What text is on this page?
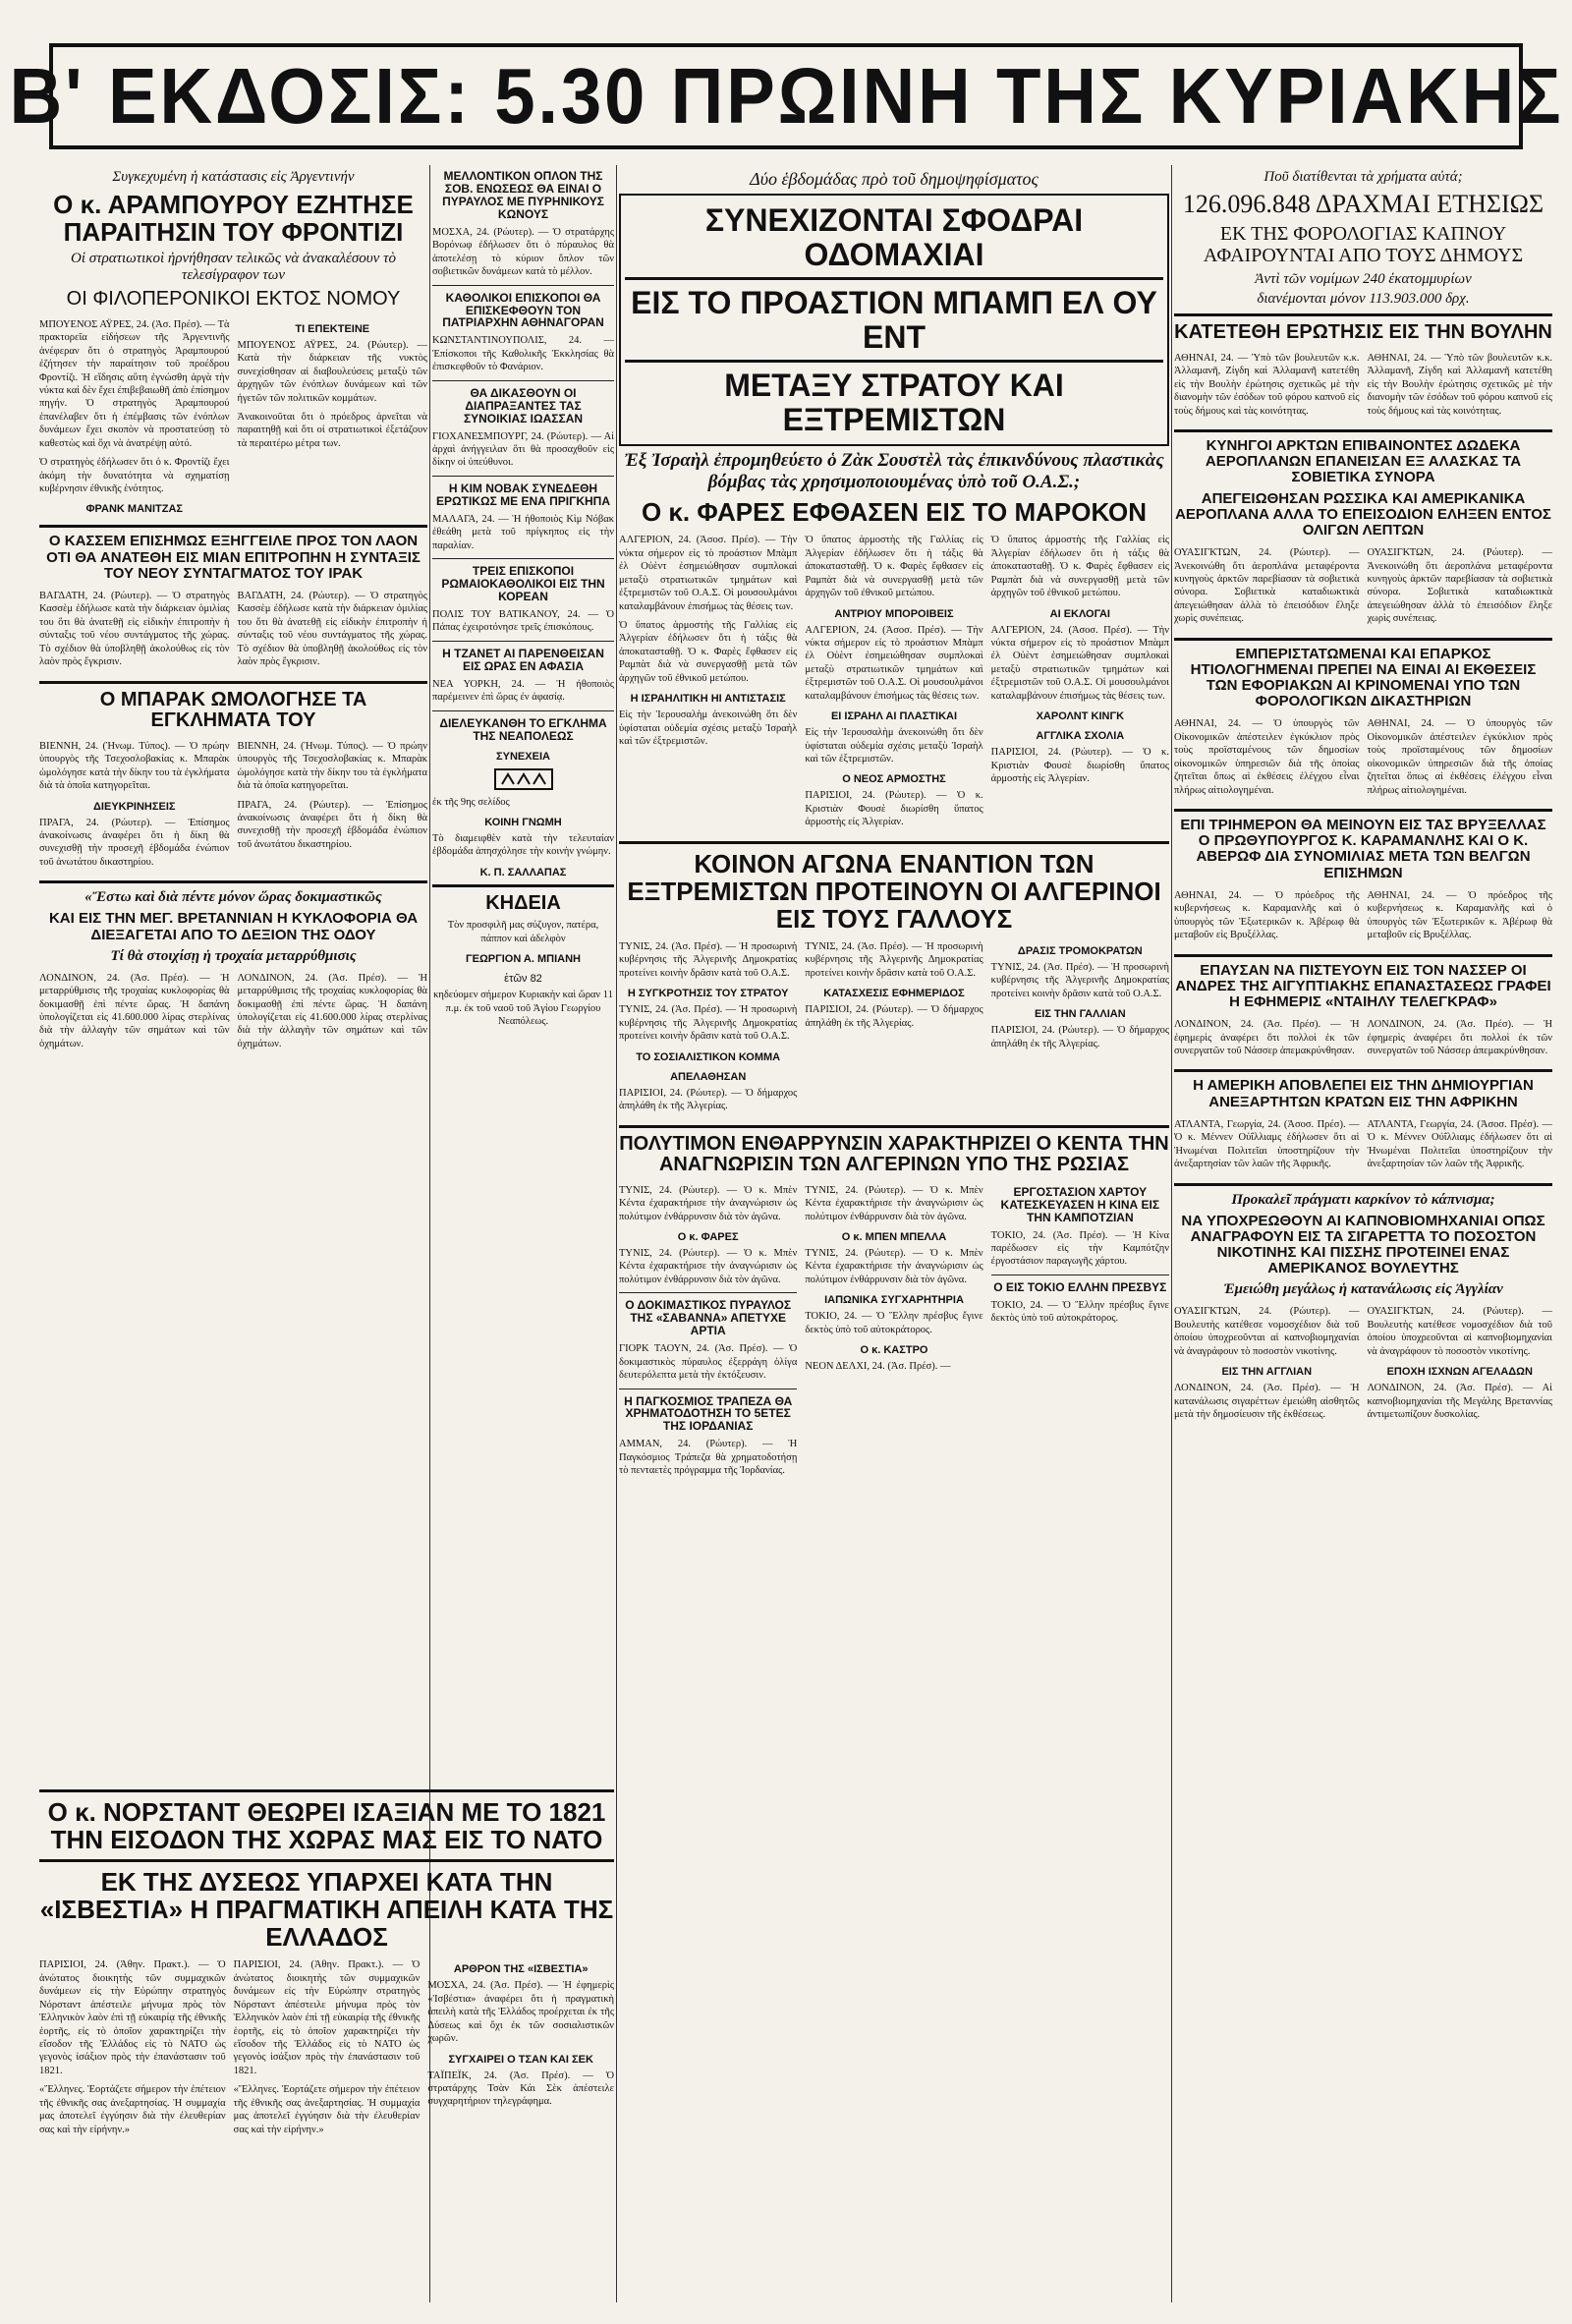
Β' ΕΚΔΟΣΙΣ: 5.30 ΠΡΩΙΝΗ ΤΗΣ ΚΥΡΙΑΚΗΣ
Συγκεχυμένη ἡ κατάστασις εἰς Ἀργεντινήν
Ο κ. ΑΡΑΜΠΟΥΡΟΥ ΕΖΗΤΗΣΕ ΠΑΡΑΙΤΗΣΙΝ ΤΟΥ ΦΡΟΝΤΙΖΙ
Οἱ στρατιωτικοὶ ἠρνήθησαν τελικῶς νὰ ἀνακαλέσουν τὸ τελεσίγραφον των
ΟΙ ΦΙΛΟΠΕΡΟΝΙΚΟΙ ΕΚΤΟΣ ΝΟΜΟΥ

ΜΠΟΥΕΝΟΣ ΑΫΡΕΣ, 24. (Ἀσ. Πρέσ). — Τὰ πρακτορεῖα εἰδήσεων τῆς Ἀργεντινῆς ἀνέφεραν ὅτι ὁ στρατηγὸς Ἀραμπουρού ἐζήτησεν τὴν παραίτησιν τοῦ προέδρου Φροντίζι. Ἡ εἴδησις αὕτη ἐγνώσθη ἀργὰ τὴν νύκτα καὶ δὲν ἔχει ἐπιβεβαιωθῆ ἀπὸ ἐπίσημον πηγήν. Ὁ στρατηγὸς Ἀραμπουρού ἐπανέλαβεν ὅτι ἡ ἐπέμβασις τῶν ἐνόπλων δυνάμεων ἔχει σκοπὸν νὰ προστατεύσῃ τὸ καθεστὼς καὶ ὄχι νὰ ἀνατρέψῃ αὐτό.

Ὁ στρατηγὸς ἐδήλωσεν ὅτι ὁ κ. Φροντίζι ἔχει ἀκόμη τὴν δυνατότητα νὰ σχηματίσῃ κυβέρνησιν ἐθνικῆς ἑνότητος.

ΦΡΑΝΚ ΜΑΝΙΤΖΑΣ
ΤΙ ΕΠΕΚΤΕΙΝΕ

ΜΠΟΥΕΝΟΣ ΑΫΡΕΣ, 24. (Ρώυτερ). — Κατὰ τὴν διάρκειαν τῆς νυκτὸς συνεχίσθησαν αἱ διαβουλεύσεις μεταξὺ τῶν ἀρχηγῶν τῶν ἐνόπλων δυνάμεων καὶ τῶν ἡγετῶν τῶν πολιτικῶν κομμάτων.

Ἀνακοινοῦται ὅτι ὁ πρόεδρος ἀρνεῖται νὰ παραιτηθῇ καὶ ὅτι οἱ στρατιωτικοὶ ἐξετάζουν τὰ περαιτέρω μέτρα των.

Ο ΚΑΣΣΕΜ ΕΠΙΣΗΜΩΣ ΕΞΗΓΓΕΙΛΕ ΠΡΟΣ ΤΟΝ ΛΑΟΝ ΟΤΙ ΘΑ ΑΝΑΤΕΘΗ ΕΙΣ ΜΙΑΝ ΕΠΙΤΡΟΠΗΝ Η ΣΥΝΤΑΞΙΣ ΤΟΥ ΝΕΟΥ ΣΥΝΤΑΓΜΑΤΟΣ ΤΟΥ ΙΡΑΚ

ΒΑΓΔΑΤΗ, 24. (Ρώυτερ). — Ὁ στρατηγὸς Κασσὲμ ἐδήλωσε κατὰ τὴν διάρκειαν ὁμιλίας του ὅτι θὰ ἀνατεθῇ εἰς εἰδικὴν ἐπιτροπὴν ἡ σύνταξις τοῦ νέου συντάγματος τῆς χώρας. Τὸ σχέδιον θὰ ὑποβληθῇ ἀκολούθως εἰς τὸν λαὸν πρὸς ἔγκρισιν.

ΒΑΓΔΑΤΗ, 24. (Ρώυτερ). — Ὁ στρατηγὸς Κασσὲμ ἐδήλωσε κατὰ τὴν διάρκειαν ὁμιλίας του ὅτι θὰ ἀνατεθῇ εἰς εἰδικὴν ἐπιτροπὴν ἡ σύνταξις τοῦ νέου συντάγματος τῆς χώρας. Τὸ σχέδιον θὰ ὑποβληθῇ ἀκολούθως εἰς τὸν λαὸν πρὸς ἔγκρισιν.

Ο ΜΠΑΡΑΚ ΩΜΟΛΟΓΗΣΕ ΤΑ ΕΓΚΛΗΜΑΤΑ ΤΟΥ

ΒΙΕΝΝΗ, 24. (Ἡνωμ. Τύπος). — Ὁ πρώην ὑπουργὸς τῆς Τσεχοσλοβακίας κ. Μπαρὰκ ὡμολόγησε κατὰ τὴν δίκην του τὰ ἐγκλήματα διὰ τὰ ὁποῖα κατηγορεῖται.

ΔΙΕΥΚΡΙΝΗΣΕΙΣ

ΠΡΑΓΑ, 24. (Ρώυτερ). — Ἐπίσημος ἀνακοίνωσις ἀναφέρει ὅτι ἡ δίκη θὰ συνεχισθῇ τὴν προσεχῆ ἑβδομάδα ἐνώπιον τοῦ ἀνωτάτου δικαστηρίου.

ΒΙΕΝΝΗ, 24. (Ἡνωμ. Τύπος). — Ὁ πρώην ὑπουργὸς τῆς Τσεχοσλοβακίας κ. Μπαρὰκ ὡμολόγησε κατὰ τὴν δίκην του τὰ ἐγκλήματα διὰ τὰ ὁποῖα κατηγορεῖται.

ΠΡΑΓΑ, 24. (Ρώυτερ). — Ἐπίσημος ἀνακοίνωσις ἀναφέρει ὅτι ἡ δίκη θὰ συνεχισθῇ τὴν προσεχῆ ἑβδομάδα ἐνώπιον τοῦ ἀνωτάτου δικαστηρίου.

«Ἔστω καὶ διὰ πέντε μόνον ὥρας δοκιμαστικῶς
ΚΑΙ ΕΙΣ ΤΗΝ ΜΕΓ. ΒΡΕΤΑΝΝΙΑΝ Η ΚΥΚΛΟΦΟΡΙΑ ΘΑ ΔΙΕΞΑΓΕΤΑΙ ΑΠΟ ΤΟ ΔΕΞΙΟΝ ΤΗΣ ΟΔΟΥ
Τί θὰ στοιχίσῃ ἡ τροχαία μεταρρύθμισις

ΛΟΝΔΙΝΟΝ, 24. (Ἀσ. Πρέσ). — Ἡ μεταρρύθμισις τῆς τροχαίας κυκλοφορίας θὰ δοκιμασθῇ ἐπὶ πέντε ὥρας. Ἡ δαπάνη ὑπολογίζεται εἰς 41.600.000 λίρας στερλίνας διὰ τὴν ἀλλαγὴν τῶν σημάτων καὶ τῶν ὀχημάτων.

ΛΟΝΔΙΝΟΝ, 24. (Ἀσ. Πρέσ). — Ἡ μεταρρύθμισις τῆς τροχαίας κυκλοφορίας θὰ δοκιμασθῇ ἐπὶ πέντε ὥρας. Ἡ δαπάνη ὑπολογίζεται εἰς 41.600.000 λίρας στερλίνας διὰ τὴν ἀλλαγὴν τῶν σημάτων καὶ τῶν ὀχημάτων.

ΜΕΛΛΟΝΤΙΚΟΝ ΟΠΛΟΝ ΤΗΣ ΣΟΒ. ΕΝΩΣΕΩΣ ΘΑ ΕΙΝΑΙ Ο ΠΥΡΑΥΛΟΣ ΜΕ ΠΥΡΗΝΙΚΟΥΣ ΚΩΝΟΥΣ

ΜΟΣΧΑ, 24. (Ρώυτερ). — Ὁ στρατάρχης Βορόνωφ ἐδήλωσεν ὅτι ὁ πύραυλος θὰ ἀποτελέσῃ τὸ κύριον ὅπλον τῶν σοβιετικῶν δυνάμεων κατὰ τὸ μέλλον.

ΚΑΘΟΛΙΚΟΙ ΕΠΙΣΚΟΠΟΙ ΘΑ ΕΠΙΣΚΕΦΘΟΥΝ ΤΟΝ ΠΑΤΡΙΑΡΧΗΝ ΑΘΗΝΑΓΟΡΑΝ

ΚΩΝΣΤΑΝΤΙΝΟΥΠΟΛΙΣ, 24. — Ἐπίσκοποι τῆς Καθολικῆς Ἐκκλησίας θὰ ἐπισκεφθοῦν τὸ Φανάριον.

ΘΑ ΔΙΚΑΣΘΟΥΝ ΟΙ ΔΙΑΠΡΑΞΑΝΤΕΣ ΤΑΣ ΣΥΝΟΙΚΙΑΣ ΙΩΑΣΣΑΝ

ΓΙΟΧΑΝΕΣΜΠΟΥΡΓ, 24. (Ρώυτερ). — Αἱ ἀρχαὶ ἀνήγγειλαν ὅτι θὰ προσαχθοῦν εἰς δίκην οἱ ὑπεύθυνοι.

Η ΚΙΜ ΝΟΒΑΚ ΣΥΝΕΔΕΘΗ ΕΡΩΤΙΚΩΣ ΜΕ ΕΝΑ ΠΡΙΓΚΗΠΑ

ΜΑΛΑΓΑ, 24. — Ἡ ἠθοποιὸς Κὶμ Νόβακ ἐθεάθη μετὰ τοῦ πρίγκηπος εἰς τὴν παραλίαν.

ΤΡΕΙΣ ΕΠΙΣΚΟΠΟΙ ΡΩΜΑΙΟΚΑΘΟΛΙΚΟΙ ΕΙΣ ΤΗΝ ΚΟΡΕΑΝ

ΠΟΛΙΣ ΤΟΥ ΒΑΤΙΚΑΝΟΥ, 24. — Ὁ Πάπας ἐχειροτόνησε τρεῖς ἐπισκόπους.

Η ΤΖΑΝΕΤ ΑΙ ΠΑΡΕΝΘΕΙΣΑΝ ΕΙΣ ΩΡΑΣ ΕΝ ΑΦΑΣΙΑ

ΝΕΑ ΥΟΡΚΗ, 24. — Ἡ ἠθοποιὸς παρέμεινεν ἐπὶ ὥρας ἐν ἀφασίᾳ.

ΔΙΕΛΕΥΚΑΝΘΗ ΤΟ ΕΓΚΛΗΜΑ ΤΗΣ ΝΕΑΠΟΛΕΩΣ
ΣΥΝΕΧΕΙΑ

ἐκ τῆς 9ης σελίδος

ΚΟΙΝΗ ΓΝΩΜΗ

Τὸ διαμειφθὲν κατὰ τὴν τελευταίαν ἑβδομάδα ἀπησχόλησε τὴν κοινὴν γνώμην.

Κ. Π. ΣΑΛΛΑΠΑΣ
ΚΗΔΕΙΑ

Τὸν προσφιλῆ μας σύζυγον, πατέρα, πάππον καὶ ἀδελφὸν

ΓΕΩΡΓΙΟΝ Α. ΜΠΙΑΝΗ
ἐτῶν 82

κηδεύομεν σήμερον Κυριακὴν καὶ ὥραν 11 π.μ. ἐκ τοῦ ναοῦ τοῦ Ἁγίου Γεωργίου Νεαπόλεως.

Δύο ἑβδομάδας πρὸ τοῦ δημοψηφίσματος
ΣΥΝΕΧΙΖΟΝΤΑΙ ΣΦΟΔΡΑΙ ΟΔΟΜΑΧΙΑΙ
ΕΙΣ ΤΟ ΠΡΟΑΣΤΙΟΝ ΜΠΑΜΠ ΕΛ ΟΥ ΕΝΤ
ΜΕΤΑΞΥ ΣΤΡΑΤΟΥ ΚΑΙ ΕΞΤΡΕΜΙΣΤΩΝ
Ἐξ Ἰσραὴλ ἐπρομηθεύετο ὁ Ζὰκ Σουστὲλ τὰς ἐπικινδύνους πλαστικὰς βόμβας τὰς χρησιμοποιουμένας ὑπὸ τοῦ Ο.Α.Σ.;
Ο κ. ΦΑΡΕΣ ΕΦΘΑΣΕΝ ΕΙΣ ΤΟ ΜΑΡΟΚΟΝ

ΑΛΓΕΡΙΟΝ, 24. (Ἀσοσ. Πρέσ). — Τὴν νύκτα σήμερον εἰς τὸ προάστιον Μπὰμπ ἐλ Οὐὲντ ἐσημειώθησαν συμπλοκαὶ μεταξὺ στρατιωτικῶν τμημάτων καὶ ἐξτρεμιστῶν τοῦ Ο.Α.Σ. Οἱ μουσουλμάνοι καταλαμβάνουν ἐπισήμως τὰς θέσεις των.

Ὁ ὕπατος ἁρμοστὴς τῆς Γαλλίας εἰς Ἀλγερίαν ἐδήλωσεν ὅτι ἡ τάξις θὰ ἀποκατασταθῇ. Ὁ κ. Φαρὲς ἔφθασεν εἰς Ραμπὰτ διὰ νὰ συνεργασθῇ μετὰ τῶν ἀρχηγῶν τοῦ ἐθνικοῦ μετώπου.

Η ΙΣΡΑΗΛΙΤΙΚΗ ΗΙ ΑΝΤΙΣΤΑΣΙΣ

Εἰς τὴν Ἱερουσαλὴμ ἀνεκοινώθη ὅτι δὲν ὑφίσταται οὐδεμία σχέσις μεταξὺ Ἰσραὴλ καὶ τῶν ἐξτρεμιστῶν.

Ὁ ὕπατος ἁρμοστὴς τῆς Γαλλίας εἰς Ἀλγερίαν ἐδήλωσεν ὅτι ἡ τάξις θὰ ἀποκατασταθῇ. Ὁ κ. Φαρὲς ἔφθασεν εἰς Ραμπὰτ διὰ νὰ συνεργασθῇ μετὰ τῶν ἀρχηγῶν τοῦ ἐθνικοῦ μετώπου.

ΑΝΤΡΙΟΥ ΜΠΟΡΟΙΒΕΙΣ

ΑΛΓΕΡΙΟΝ, 24. (Ἀσοσ. Πρέσ). — Τὴν νύκτα σήμερον εἰς τὸ προάστιον Μπὰμπ ἐλ Οὐὲντ ἐσημειώθησαν συμπλοκαὶ μεταξὺ στρατιωτικῶν τμημάτων καὶ ἐξτρεμιστῶν τοῦ Ο.Α.Σ. Οἱ μουσουλμάνοι καταλαμβάνουν ἐπισήμως τὰς θέσεις των.

ΕΙ ΙΣΡΑΗΛ ΑΙ ΠΛΑΣΤΙΚΑΙ

Εἰς τὴν Ἱερουσαλὴμ ἀνεκοινώθη ὅτι δὲν ὑφίσταται οὐδεμία σχέσις μεταξὺ Ἰσραὴλ καὶ τῶν ἐξτρεμιστῶν.

Ο ΝΕΟΣ ΑΡΜΟΣΤΗΣ

ΠΑΡΙΣΙΟΙ, 24. (Ρώυτερ). — Ὁ κ. Κριστιὰν Φουσὲ διωρίσθη ὕπατος ἁρμοστὴς εἰς Ἀλγερίαν.

Ὁ ὕπατος ἁρμοστὴς τῆς Γαλλίας εἰς Ἀλγερίαν ἐδήλωσεν ὅτι ἡ τάξις θὰ ἀποκατασταθῇ. Ὁ κ. Φαρὲς ἔφθασεν εἰς Ραμπὰτ διὰ νὰ συνεργασθῇ μετὰ τῶν ἀρχηγῶν τοῦ ἐθνικοῦ μετώπου.

ΑΙ ΕΚΛΟΓΑΙ

ΑΛΓΕΡΙΟΝ, 24. (Ἀσοσ. Πρέσ). — Τὴν νύκτα σήμερον εἰς τὸ προάστιον Μπὰμπ ἐλ Οὐὲντ ἐσημειώθησαν συμπλοκαὶ μεταξὺ στρατιωτικῶν τμημάτων καὶ ἐξτρεμιστῶν τοῦ Ο.Α.Σ. Οἱ μουσουλμάνοι καταλαμβάνουν ἐπισήμως τὰς θέσεις των.

ΧΑΡΟΛΝΤ ΚΙΝΓΚ
ΑΓΓΛΙΚΑ ΣΧΟΛΙΑ

ΠΑΡΙΣΙΟΙ, 24. (Ρώυτερ). — Ὁ κ. Κριστιὰν Φουσὲ διωρίσθη ὕπατος ἁρμοστὴς εἰς Ἀλγερίαν.

ΚΟΙΝΟΝ ΑΓΩΝΑ ΕΝΑΝΤΙΟΝ ΤΩΝ ΕΞΤΡΕΜΙΣΤΩΝ ΠΡΟΤΕΙΝΟΥΝ ΟΙ ΑΛΓΕΡΙΝΟΙ ΕΙΣ ΤΟΥΣ ΓΑΛΛΟΥΣ

ΤΥΝΙΣ, 24. (Ἀσ. Πρέσ). — Ἡ προσωρινὴ κυβέρνησις τῆς Ἀλγερινῆς Δημοκρατίας προτείνει κοινὴν δρᾶσιν κατὰ τοῦ Ο.Α.Σ.

Η ΣΥΓΚΡΟΤΗΣΙΣ ΤΟΥ ΣΤΡΑΤΟΥ

ΤΥΝΙΣ, 24. (Ἀσ. Πρέσ). — Ἡ προσωρινὴ κυβέρνησις τῆς Ἀλγερινῆς Δημοκρατίας προτείνει κοινὴν δρᾶσιν κατὰ τοῦ Ο.Α.Σ.

ΤΟ ΣΟΣΙΑΛΙΣΤΙΚΟΝ ΚΟΜΜΑ
ΑΠΕΛΑΘΗΣΑΝ

ΠΑΡΙΣΙΟΙ, 24. (Ρώυτερ). — Ὁ δήμαρχος ἀπηλάθη ἐκ τῆς Ἀλγερίας.

ΤΥΝΙΣ, 24. (Ἀσ. Πρέσ). — Ἡ προσωρινὴ κυβέρνησις τῆς Ἀλγερινῆς Δημοκρατίας προτείνει κοινὴν δρᾶσιν κατὰ τοῦ Ο.Α.Σ.

ΚΑΤΑΣΧΕΣΙΣ ΕΦΗΜΕΡΙΔΟΣ

ΠΑΡΙΣΙΟΙ, 24. (Ρώυτερ). — Ὁ δήμαρχος ἀπηλάθη ἐκ τῆς Ἀλγερίας.

ΔΡΑΣΙΣ ΤΡΟΜΟΚΡΑΤΩΝ

ΤΥΝΙΣ, 24. (Ἀσ. Πρέσ). — Ἡ προσωρινὴ κυβέρνησις τῆς Ἀλγερινῆς Δημοκρατίας προτείνει κοινὴν δρᾶσιν κατὰ τοῦ Ο.Α.Σ.

ΕΙΣ ΤΗΝ ΓΑΛΛΙΑΝ

ΠΑΡΙΣΙΟΙ, 24. (Ρώυτερ). — Ὁ δήμαρχος ἀπηλάθη ἐκ τῆς Ἀλγερίας.

ΠΟΛΥΤΙΜΟΝ ΕΝΘΑΡΡΥΝΣΙΝ ΧΑΡΑΚΤΗΡΙΖΕΙ Ο ΚΕΝΤΑ ΤΗΝ ΑΝΑΓΝΩΡΙΣΙΝ ΤΩΝ ΑΛΓΕΡΙΝΩΝ ΥΠΟ ΤΗΣ ΡΩΣΙΑΣ

ΤΥΝΙΣ, 24. (Ρώυτερ). — Ὁ κ. Μπὲν Κέντα ἐχαρακτήρισε τὴν ἀναγνώρισιν ὡς πολύτιμον ἐνθάρρυνσιν διὰ τὸν ἀγῶνα.

Ο κ. ΦΑΡΕΣ

ΤΥΝΙΣ, 24. (Ρώυτερ). — Ὁ κ. Μπὲν Κέντα ἐχαρακτήρισε τὴν ἀναγνώρισιν ὡς πολύτιμον ἐνθάρρυνσιν διὰ τὸν ἀγῶνα.

Ο ΔΟΚΙΜΑΣΤΙΚΟΣ ΠΥΡΑΥΛΟΣ ΤΗΣ «ΣΑΒΑΝΝΑ» ΑΠΕΤΥΧΕ ΑΡΤΙΑ

ΓΙΟΡΚ ΤΑΟΥΝ, 24. (Ἀσ. Πρέσ). — Ὁ δοκιμαστικὸς πύραυλος ἐξερράγη ὀλίγα δευτερόλεπτα μετὰ τὴν ἐκτόξευσιν.

Η ΠΑΓΚΟΣΜΙΟΣ ΤΡΑΠΕΖΑ ΘΑ ΧΡΗΜΑΤΟΔΟΤΗΣΗ ΤΟ 5ΕΤΕΣ ΤΗΣ ΙΟΡΔΑΝΙΑΣ

ΑΜΜΑΝ, 24. (Ρώυτερ). — Ἡ Παγκόσμιος Τράπεζα θὰ χρηματοδοτήσῃ τὸ πενταετὲς πρόγραμμα τῆς Ἰορδανίας.

ΤΥΝΙΣ, 24. (Ρώυτερ). — Ὁ κ. Μπὲν Κέντα ἐχαρακτήρισε τὴν ἀναγνώρισιν ὡς πολύτιμον ἐνθάρρυνσιν διὰ τὸν ἀγῶνα.

Ο κ. ΜΠΕΝ ΜΠΕΛΛΑ

ΤΥΝΙΣ, 24. (Ρώυτερ). — Ὁ κ. Μπὲν Κέντα ἐχαρακτήρισε τὴν ἀναγνώρισιν ὡς πολύτιμον ἐνθάρρυνσιν διὰ τὸν ἀγῶνα.

ΙΑΠΩΝΙΚΑ ΣΥΓΧΑΡΗΤΗΡΙΑ

ΤΟΚΙΟ, 24. — Ὁ Ἕλλην πρέσβυς ἔγινε δεκτὸς ὑπὸ τοῦ αὐτοκράτορος.

Ο κ. ΚΑΣΤΡΟ

ΝΕΟΝ ΔΕΛΧΙ, 24. (Ἀσ. Πρέσ). —

ΕΡΓΟΣΤΑΣΙΟΝ ΧΑΡΤΟΥ ΚΑΤΕΣΚΕΥΑΣΕΝ Η ΚΙΝΑ ΕΙΣ ΤΗΝ ΚΑΜΠΟΤΖΙΑΝ

ΤΟΚΙΟ, 24. (Ἀσ. Πρέσ). — Ἡ Κίνα παρέδωσεν εἰς τὴν Καμπότζην ἐργοστάσιον παραγωγῆς χάρτου.

Ο ΕΙΣ ΤΟΚΙΟ ΕΛΛΗΝ ΠΡΕΣΒΥΣ

ΤΟΚΙΟ, 24. — Ὁ Ἕλλην πρέσβυς ἔγινε δεκτὸς ὑπὸ τοῦ αὐτοκράτορος.

Ποῦ διατίθενται τὰ χρήματα αὐτά;
126.096.848 ΔΡΑΧΜΑΙ ΕΤΗΣΙΩΣ
ΕΚ ΤΗΣ ΦΟΡΟΛΟΓΙΑΣ ΚΑΠΝΟΥ ΑΦΑΙΡΟΥΝΤΑΙ ΑΠΟ ΤΟΥΣ ΔΗΜΟΥΣ
Ἀντὶ τῶν νομίμων 240 ἑκατομμυρίων
διανέμονται μόνον 113.903.000 δρχ.
ΚΑΤΕΤΕΘΗ ΕΡΩΤΗΣΙΣ ΕΙΣ ΤΗΝ ΒΟΥΛΗΝ

ΑΘΗΝΑΙ, 24. — Ὑπὸ τῶν βουλευτῶν κ.κ. Ἀλλαμανῆ, Ζίγδη καὶ Ἀλλαμανῆ κατετέθη εἰς τὴν Βουλὴν ἐρώτησις σχετικῶς μὲ τὴν διανομὴν τῶν ἐσόδων τοῦ φόρου καπνοῦ εἰς τοὺς δήμους καὶ τὰς κοινότητας.

ΑΘΗΝΑΙ, 24. — Ὑπὸ τῶν βουλευτῶν κ.κ. Ἀλλαμανῆ, Ζίγδη καὶ Ἀλλαμανῆ κατετέθη εἰς τὴν Βουλὴν ἐρώτησις σχετικῶς μὲ τὴν διανομὴν τῶν ἐσόδων τοῦ φόρου καπνοῦ εἰς τοὺς δήμους καὶ τὰς κοινότητας.

ΚΥΝΗΓΟΙ ΑΡΚΤΩΝ ΕΠΙΒΑΙΝΟΝΤΕΣ ΔΩΔΕΚΑ ΑΕΡΟΠΛΑΝΩΝ ΕΠΑΝΕΙΣΑΝ ΕΞ ΑΛΑΣΚΑΣ ΤΑ ΣΟΒΙΕΤΙΚΑ ΣΥΝΟΡΑ
ΑΠΕΓΕΙΩΘΗΣΑΝ ΡΩΣΣΙΚΑ ΚΑΙ ΑΜΕΡΙΚΑΝΙΚΑ ΑΕΡΟΠΛΑΝΑ ΑΛΛΑ ΤΟ ΕΠΕΙΣΟΔΙΟΝ ΕΛΗΞΕΝ ΕΝΤΟΣ ΟΛΙΓΩΝ ΛΕΠΤΩΝ

ΟΥΑΣΙΓΚΤΩΝ, 24. (Ρώυτερ). — Ἀνεκοινώθη ὅτι ἀεροπλάνα μεταφέροντα κυνηγοὺς ἀρκτῶν παρεβίασαν τὰ σοβιετικὰ σύνορα. Σοβιετικὰ καταδιωκτικὰ ἀπεγειώθησαν ἀλλὰ τὸ ἐπεισόδιον ἔληξε χωρὶς συνέπειας.

ΟΥΑΣΙΓΚΤΩΝ, 24. (Ρώυτερ). — Ἀνεκοινώθη ὅτι ἀεροπλάνα μεταφέροντα κυνηγοὺς ἀρκτῶν παρεβίασαν τὰ σοβιετικὰ σύνορα. Σοβιετικὰ καταδιωκτικὰ ἀπεγειώθησαν ἀλλὰ τὸ ἐπεισόδιον ἔληξε χωρὶς συνέπειας.

ΕΜΠΕΡΙΣΤΑΤΩΜΕΝΑΙ ΚΑΙ ΕΠΑΡΚΟΣ ΗΤΙΟΛΟΓΗΜΕΝΑΙ ΠΡΕΠΕΙ ΝΑ ΕΙΝΑΙ ΑΙ ΕΚΘΕΣΕΙΣ ΤΩΝ ΕΦΟΡΙΑΚΩΝ ΑΙ ΚΡΙΝΟΜΕΝΑΙ ΥΠΟ ΤΩΝ ΦΟΡΟΛΟΓΙΚΩΝ ΔΙΚΑΣΤΗΡΙΩΝ

ΑΘΗΝΑΙ, 24. — Ὁ ὑπουργὸς τῶν Οἰκονομικῶν ἀπέστειλεν ἐγκύκλιον πρὸς τοὺς προϊσταμένους τῶν δημοσίων οἰκονομικῶν ὑπηρεσιῶν διὰ τῆς ὁποίας ζητεῖται ὅπως αἱ ἐκθέσεις ἐλέγχου εἶναι πλήρως αἰτιολογημέναι.

ΑΘΗΝΑΙ, 24. — Ὁ ὑπουργὸς τῶν Οἰκονομικῶν ἀπέστειλεν ἐγκύκλιον πρὸς τοὺς προϊσταμένους τῶν δημοσίων οἰκονομικῶν ὑπηρεσιῶν διὰ τῆς ὁποίας ζητεῖται ὅπως αἱ ἐκθέσεις ἐλέγχου εἶναι πλήρως αἰτιολογημέναι.

ΕΠΙ ΤΡΙΗΜΕΡΟΝ ΘΑ ΜΕΙΝΟΥΝ ΕΙΣ ΤΑΣ ΒΡΥΞΕΛΛΑΣ Ο ΠΡΩΘΥΠΟΥΡΓΟΣ Κ. ΚΑΡΑΜΑΝΛΗΣ ΚΑΙ Ο Κ. ΑΒΕΡΩΦ ΔΙΑ ΣΥΝΟΜΙΛΙΑΣ ΜΕΤΑ ΤΩΝ ΒΕΛΓΩΝ ΕΠΙΣΗΜΩΝ

ΑΘΗΝΑΙ, 24. — Ὁ πρόεδρος τῆς κυβερνήσεως κ. Καραμανλῆς καὶ ὁ ὑπουργὸς τῶν Ἐξωτερικῶν κ. Ἀβέρωφ θὰ μεταβοῦν εἰς Βρυξέλλας.

ΑΘΗΝΑΙ, 24. — Ὁ πρόεδρος τῆς κυβερνήσεως κ. Καραμανλῆς καὶ ὁ ὑπουργὸς τῶν Ἐξωτερικῶν κ. Ἀβέρωφ θὰ μεταβοῦν εἰς Βρυξέλλας.

ΕΠΑΥΣΑΝ ΝΑ ΠΙΣΤΕΥΟΥΝ ΕΙΣ ΤΟΝ ΝΑΣΣΕΡ ΟΙ ΑΝΔΡΕΣ ΤΗΣ ΑΙΓΥΠΤΙΑΚΗΣ ΕΠΑΝΑΣΤΑΣΕΩΣ ΓΡΑΦΕΙ Η ΕΦΗΜΕΡΙΣ «ΝΤΑΙΗΛΥ ΤΕΛΕΓΚΡΑΦ»

ΛΟΝΔΙΝΟΝ, 24. (Ἀσ. Πρέσ). — Ἡ ἐφημερὶς ἀναφέρει ὅτι πολλοὶ ἐκ τῶν συνεργατῶν τοῦ Νάσσερ ἀπεμακρύνθησαν.

ΛΟΝΔΙΝΟΝ, 24. (Ἀσ. Πρέσ). — Ἡ ἐφημερὶς ἀναφέρει ὅτι πολλοὶ ἐκ τῶν συνεργατῶν τοῦ Νάσσερ ἀπεμακρύνθησαν.

Η ΑΜΕΡΙΚΗ ΑΠΟΒΛΕΠΕΙ ΕΙΣ ΤΗΝ ΔΗΜΙΟΥΡΓΙΑΝ ΑΝΕΞΑΡΤΗΤΩΝ ΚΡΑΤΩΝ ΕΙΣ ΤΗΝ ΑΦΡΙΚΗΝ

ΑΤΛΑΝΤΑ, Γεωργία, 24. (Ἀσοσ. Πρέσ). — Ὁ κ. Μέννεν Οὐΐλλιαμς ἐδήλωσεν ὅτι αἱ Ἡνωμέναι Πολιτεῖαι ὑποστηρίζουν τὴν ἀνεξαρτησίαν τῶν λαῶν τῆς Ἀφρικῆς.

ΑΤΛΑΝΤΑ, Γεωργία, 24. (Ἀσοσ. Πρέσ). — Ὁ κ. Μέννεν Οὐΐλλιαμς ἐδήλωσεν ὅτι αἱ Ἡνωμέναι Πολιτεῖαι ὑποστηρίζουν τὴν ἀνεξαρτησίαν τῶν λαῶν τῆς Ἀφρικῆς.

Προκαλεῖ πράγματι καρκίνον τὸ κάπνισμα;
ΝΑ ΥΠΟΧΡΕΩΘΟΥΝ ΑΙ ΚΑΠΝΟΒΙΟΜΗΧΑΝΙΑΙ ΟΠΩΣ ΑΝΑΓΡΑΦΟΥΝ ΕΙΣ ΤΑ ΣΙΓΑΡΕΤΤΑ ΤΟ ΠΟΣΟΣΤΟΝ ΝΙΚΟΤΙΝΗΣ ΚΑΙ ΠΙΣΣΗΣ ΠΡΟΤΕΙΝΕΙ ΕΝΑΣ ΑΜΕΡΙΚΑΝΟΣ ΒΟΥΛΕΥΤΗΣ
Ἐμειώθη μεγάλως ἡ κατανάλωσις εἰς Ἀγγλίαν

ΟΥΑΣΙΓΚΤΩΝ, 24. (Ρώυτερ). — Βουλευτὴς κατέθεσε νομοσχέδιον διὰ τοῦ ὁποίου ὑποχρεοῦνται αἱ καπνοβιομηχανίαι νὰ ἀναγράφουν τὸ ποσοστὸν νικοτίνης.

ΕΙΣ ΤΗΝ ΑΓΓΛΙΑΝ

ΛΟΝΔΙΝΟΝ, 24. (Ἀσ. Πρέσ). — Ἡ κατανάλωσις σιγαρέττων ἐμειώθη αἰσθητῶς μετὰ τὴν δημοσίευσιν τῆς ἐκθέσεως.

ΟΥΑΣΙΓΚΤΩΝ, 24. (Ρώυτερ). — Βουλευτὴς κατέθεσε νομοσχέδιον διὰ τοῦ ὁποίου ὑποχρεοῦνται αἱ καπνοβιομηχανίαι νὰ ἀναγράφουν τὸ ποσοστὸν νικοτίνης.

ΕΠΟΧΗ ΙΣΧΝΩΝ ΑΓΕΛΑΔΩΝ

ΛΟΝΔΙΝΟΝ, 24. (Ἀσ. Πρέσ). — Αἱ καπνοβιομηχανίαι τῆς Μεγάλης Βρεταννίας ἀντιμετωπίζουν δυσκολίας.

Ο κ. ΝΟΡΣΤΑΝΤ ΘΕΩΡΕΙ ΙΣΑΞΙΑΝ ΜΕ ΤΟ 1821 ΤΗΝ ΕΙΣΟΔΟΝ ΤΗΣ ΧΩΡΑΣ ΜΑΣ ΕΙΣ ΤΟ ΝΑΤΟ
ΕΚ ΤΗΣ ΔΥΣΕΩΣ ΥΠΑΡΧΕΙ ΚΑΤΑ ΤΗΝ «ΙΣΒΕΣΤΙΑ» Η ΠΡΑΓΜΑΤΙΚΗ ΑΠΕΙΛΗ ΚΑΤΑ ΤΗΣ ΕΛΛΑΔΟΣ

ΠΑΡΙΣΙΟΙ, 24. (Ἀθην. Πρακτ.). — Ὁ ἀνώτατος διοικητὴς τῶν συμμαχικῶν δυνάμεων εἰς τὴν Εὐρώπην στρατηγὸς Νόρσταντ ἀπέστειλε μήνυμα πρὸς τὸν Ἑλληνικὸν λαὸν ἐπὶ τῇ εὐκαιρίᾳ τῆς ἐθνικῆς ἑορτῆς, εἰς τὸ ὁποῖον χαρακτηρίζει τὴν εἴσοδον τῆς Ἑλλάδος εἰς τὸ ΝΑΤΟ ὡς γεγονὸς ἰσάξιον πρὸς τὴν ἐπανάστασιν τοῦ 1821.

«Ἕλληνες. Ἑορτάζετε σήμερον τὴν ἐπέτειον τῆς ἐθνικῆς σας ἀνεξαρτησίας. Ἡ συμμαχία μας ἀποτελεῖ ἐγγύησιν διὰ τὴν ἐλευθερίαν σας καὶ τὴν εἰρήνην.»

ΠΑΡΙΣΙΟΙ, 24. (Ἀθην. Πρακτ.). — Ὁ ἀνώτατος διοικητὴς τῶν συμμαχικῶν δυνάμεων εἰς τὴν Εὐρώπην στρατηγὸς Νόρσταντ ἀπέστειλε μήνυμα πρὸς τὸν Ἑλληνικὸν λαὸν ἐπὶ τῇ εὐκαιρίᾳ τῆς ἐθνικῆς ἑορτῆς, εἰς τὸ ὁποῖον χαρακτηρίζει τὴν εἴσοδον τῆς Ἑλλάδος εἰς τὸ ΝΑΤΟ ὡς γεγονὸς ἰσάξιον πρὸς τὴν ἐπανάστασιν τοῦ 1821.

«Ἕλληνες. Ἑορτάζετε σήμερον τὴν ἐπέτειον τῆς ἐθνικῆς σας ἀνεξαρτησίας. Ἡ συμμαχία μας ἀποτελεῖ ἐγγύησιν διὰ τὴν ἐλευθερίαν σας καὶ τὴν εἰρήνην.»

ΑΡΘΡΟΝ ΤΗΣ «ΙΣΒΕΣΤΙΑ»

ΜΟΣΧΑ, 24. (Ἀσ. Πρέσ). — Ἡ ἐφημερὶς «Ἰσβέστια» ἀναφέρει ὅτι ἡ πραγματικὴ ἀπειλὴ κατὰ τῆς Ἑλλάδος προέρχεται ἐκ τῆς Δύσεως καὶ ὄχι ἐκ τῶν σοσιαλιστικῶν χωρῶν.

ΣΥΓΧΑΙΡΕΙ Ο ΤΣΑΝ ΚΑΙ ΣΕΚ

ΤΑΪΠΕΪΚ, 24. (Ἀσ. Πρέσ). — Ὁ στρατάρχης Τσὰν Κάι Σὲκ ἀπέστειλε συγχαρητήριον τηλεγράφημα.
